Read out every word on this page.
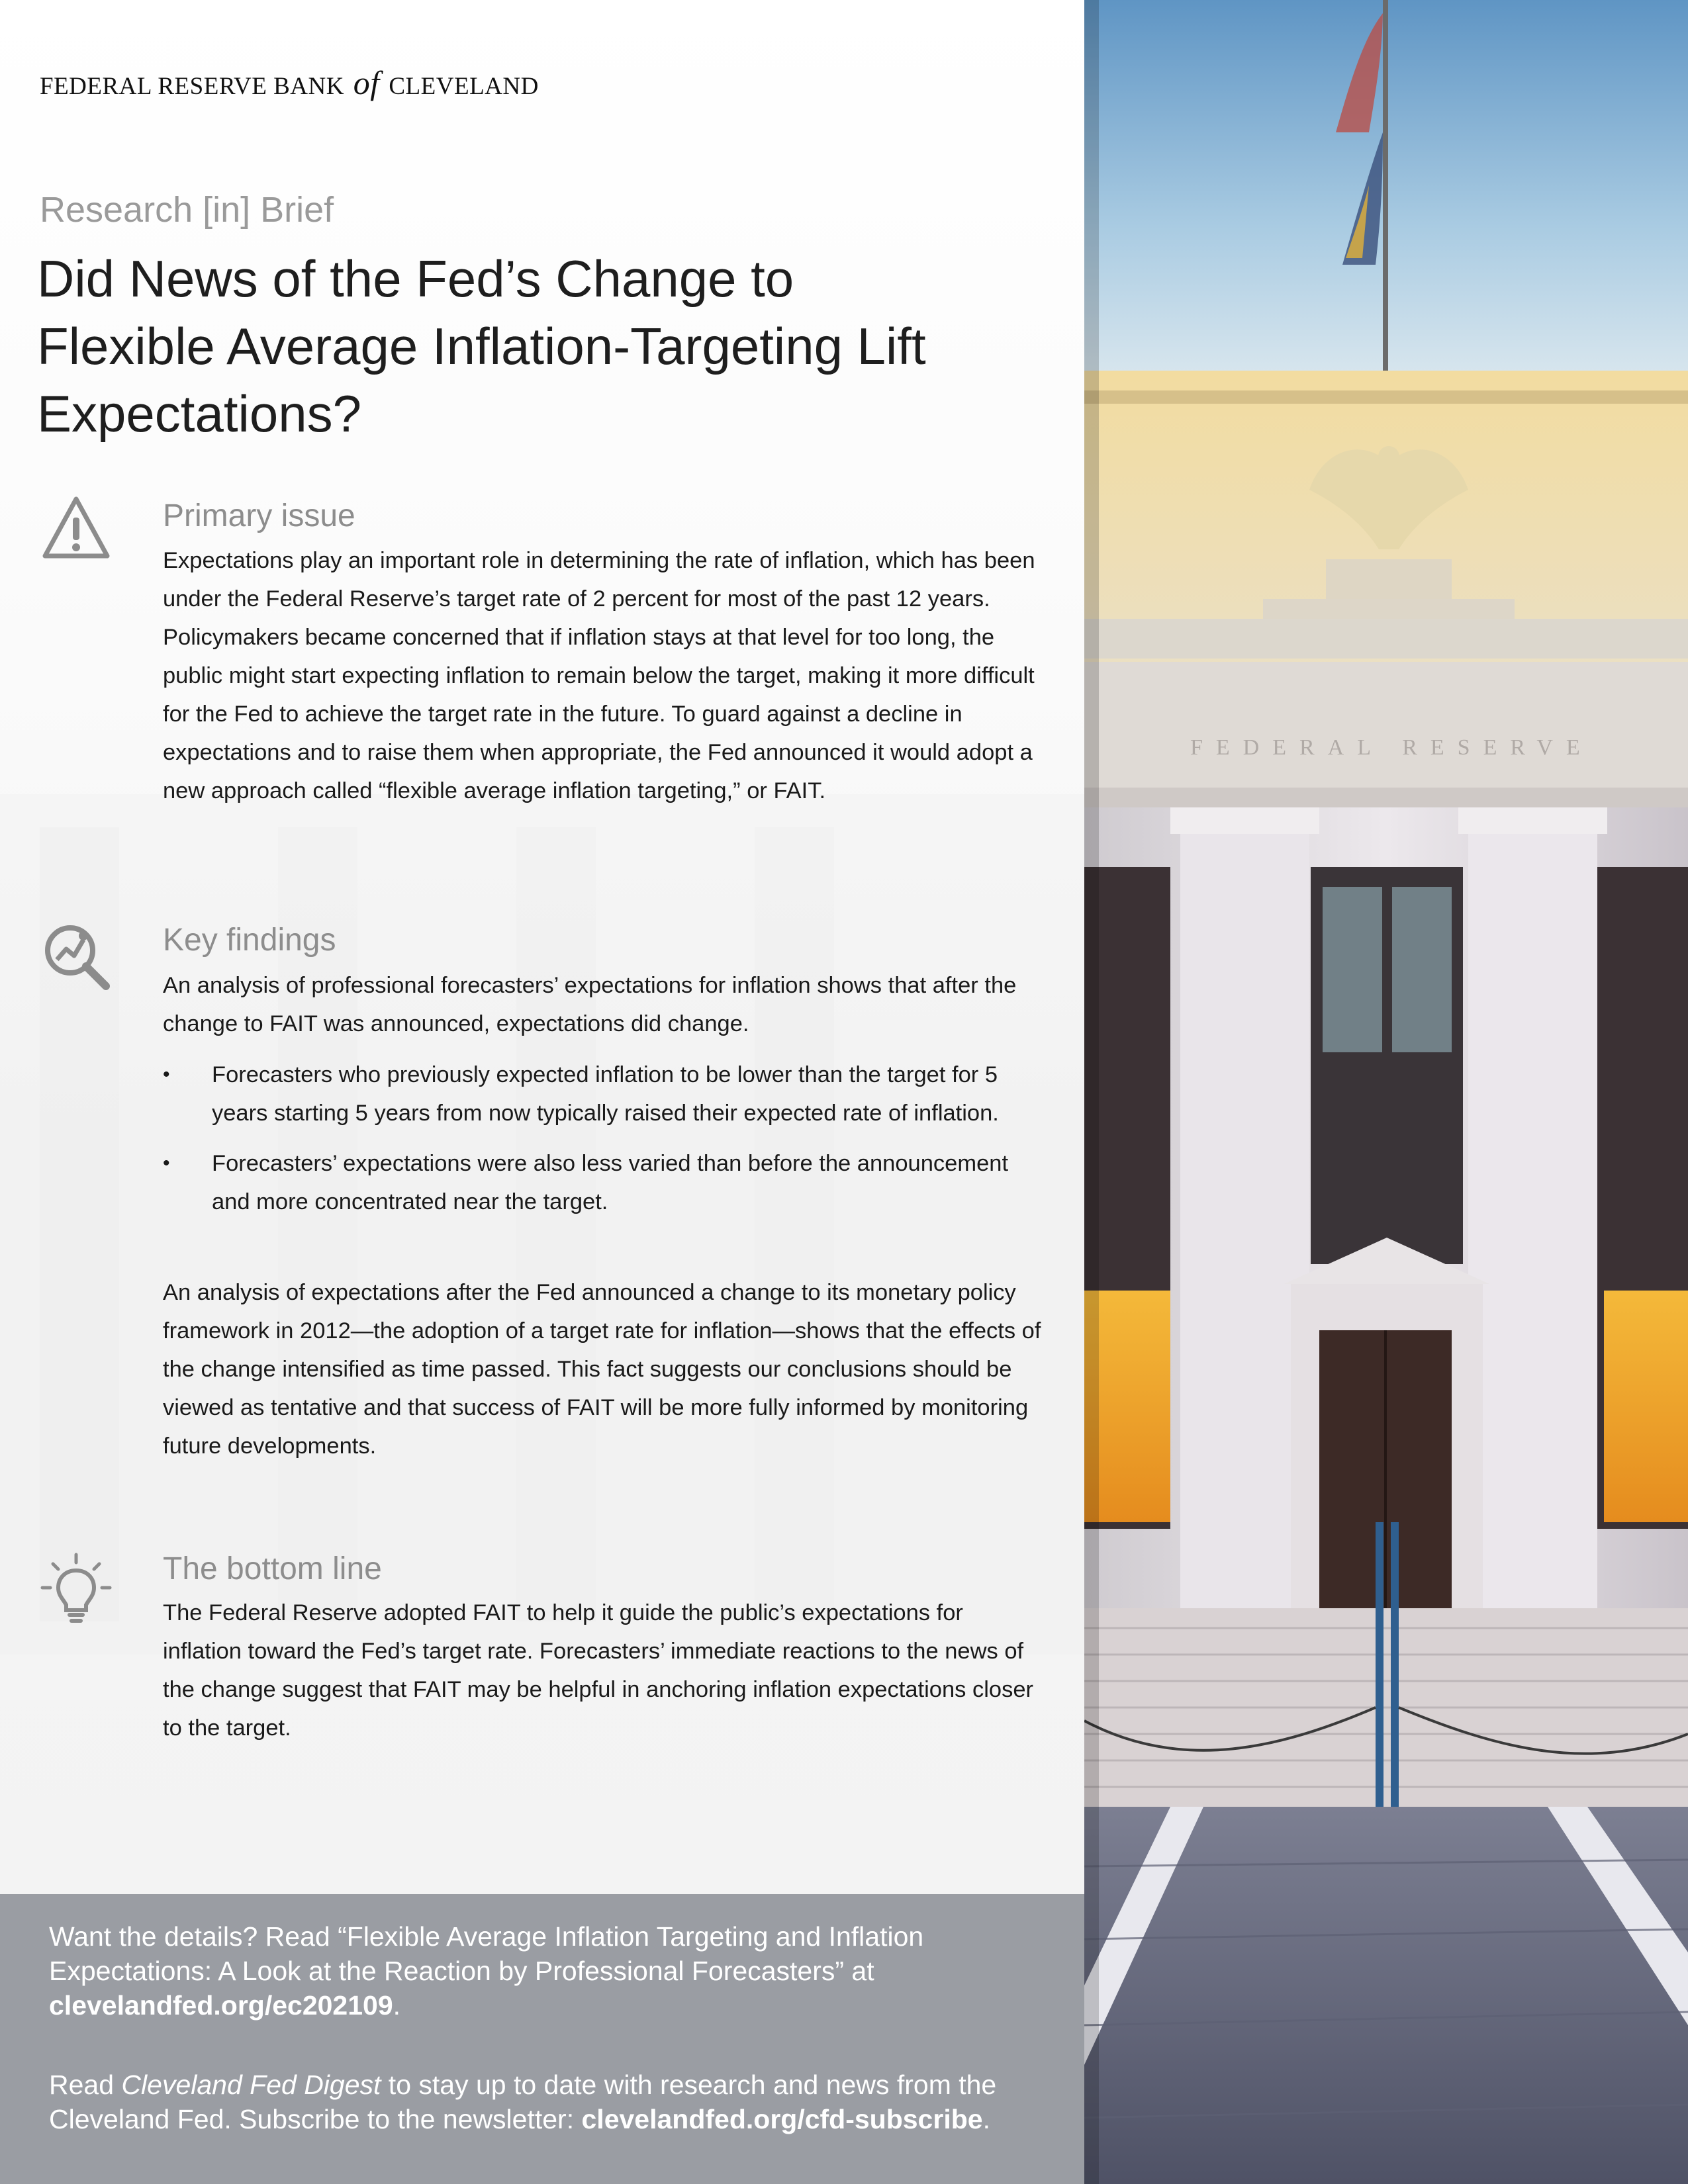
FEDERAL RESERVE BANK of CLEVELAND
Research [in] Brief
Did News of the Fed’s Change to Flexible Average Inflation-Targeting Lift Expectations?
Primary issue
Expectations play an important role in determining the rate of inflation, which has been under the Federal Reserve’s target rate of 2 percent for most of the past 12 years. Policymakers became concerned that if inflation stays at that level for too long, the public might start expecting inflation to remain below the target, making it more difficult for the Fed to achieve the target rate in the future. To guard against a decline in expectations and to raise them when appropriate, the Fed announced it would adopt a new approach called “flexible average inflation targeting,” or FAIT.
Key findings
An analysis of professional forecasters’ expectations for inflation shows that after the change to FAIT was announced, expectations did change.
• Forecasters who previously expected inflation to be lower than the target for 5 years starting 5 years from now typically raised their expected rate of inflation.
• Forecasters’ expectations were also less varied than before the announcement and more concentrated near the target.
An analysis of expectations after the Fed announced a change to its monetary policy framework in 2012—the adoption of a target rate for inflation—shows that the effects of the change intensified as time passed. This fact suggests our conclusions should be viewed as tentative and that success of FAIT will be more fully informed by monitoring future developments.
The bottom line
The Federal Reserve adopted FAIT to help it guide the public’s expectations for inflation toward the Fed’s target rate. Forecasters’ immediate reactions to the news of the change suggest that FAIT may be helpful in anchoring inflation expectations closer to the target.
Want the details? Read “Flexible Average Inflation Targeting and Inflation Expectations: A Look at the Reaction by Professional Forecasters” at clevelandfed.org/ec202109.
Read Cleveland Fed Digest to stay up to date with research and news from the Cleveland Fed. Subscribe to the newsletter: clevelandfed.org/cfd-subscribe.
FEDERAL RESERVE
